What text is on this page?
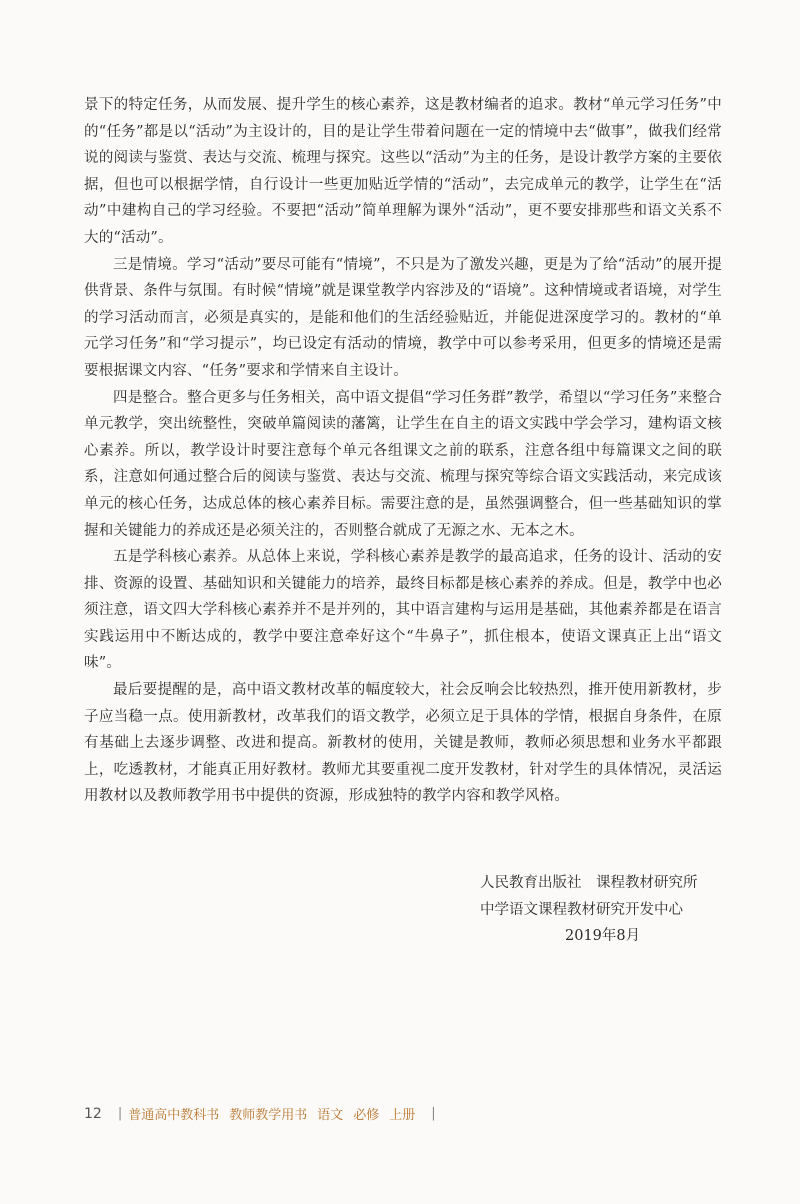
景下的特定任务，从而发展、提升学生的核心素养，这是教材编者的追求。教材“单元学习任务”中的“任务”都是以“活动”为主设计的，目的是让学生带着问题在一定的情境中去“做事”，做我们经常说的阅读与鉴赏、表达与交流、梳理与探究。这些以“活动”为主的任务，是设计教学方案的主要依据，但也可以根据学情，自行设计一些更加贴近学情的“活动”，去完成单元的教学，让学生在“活动”中建构自己的学习经验。不要把“活动”简单理解为课外“活动”，更不要安排那些和语文关系不大的“活动”。

三是情境。学习“活动”要尽可能有“情境”，不只是为了激发兴趣，更是为了给“活动”的展开提供背景、条件与氛围。有时候“情境”就是课堂教学内容涉及的“语境”。这种情境或者语境，对学生的学习活动而言，必须是真实的，是能和他们的生活经验贴近，并能促进深度学习的。教材的“单元学习任务”和“学习提示”，均已设定有活动的情境，教学中可以参考采用，但更多的情境还是需要根据课文内容、“任务”要求和学情来自主设计。

四是整合。整合更多与任务相关，高中语文提倡“学习任务群”教学，希望以“学习任务”来整合单元教学，突出统整性，突破单篇阅读的藩篱，让学生在自主的语文实践中学会学习，建构语文核心素养。所以，教学设计时要注意每个单元各组课文之前的联系，注意各组中每篇课文之间的联系，注意如何通过整合后的阅读与鉴赏、表达与交流、梳理与探究等综合语文实践活动，来完成该单元的核心任务，达成总体的核心素养目标。需要注意的是，虽然强调整合，但一些基础知识的掌握和关键能力的养成还是必须关注的，否则整合就成了无源之水、无本之木。

五是学科核心素养。从总体上来说，学科核心素养是教学的最高追求，任务的设计、活动的安排、资源的设置、基础知识和关键能力的培养，最终目标都是核心素养的养成。但是，教学中也必须注意，语文四大学科核心素养并不是并列的，其中语言建构与运用是基础，其他素养都是在语言实践运用中不断达成的，教学中要注意牵好这个“牛鼻子”，抓住根本，使语文课真正上出“语文味”。

最后要提醒的是，高中语文教材改革的幅度较大，社会反响会比较热烈，推开使用新教材，步子应当稳一点。使用新教材，改革我们的语文教学，必须立足于具体的学情，根据自身条件，在原有基础上去逐步调整、改进和提高。新教材的使用，关键是教师，教师必须思想和业务水平都跟上，吃透教材，才能真正用好教材。教师尤其要重视二度开发教材，针对学生的具体情况，灵活运用教材以及教师教学用书中提供的资源，形成独特的教学内容和教学风格。

人民教育出版社　课程教材研究所
中学语文课程教材研究开发中心
2019年8月
12 | 普通高中教科书 教师教学用书 语文 必修 上册 |
